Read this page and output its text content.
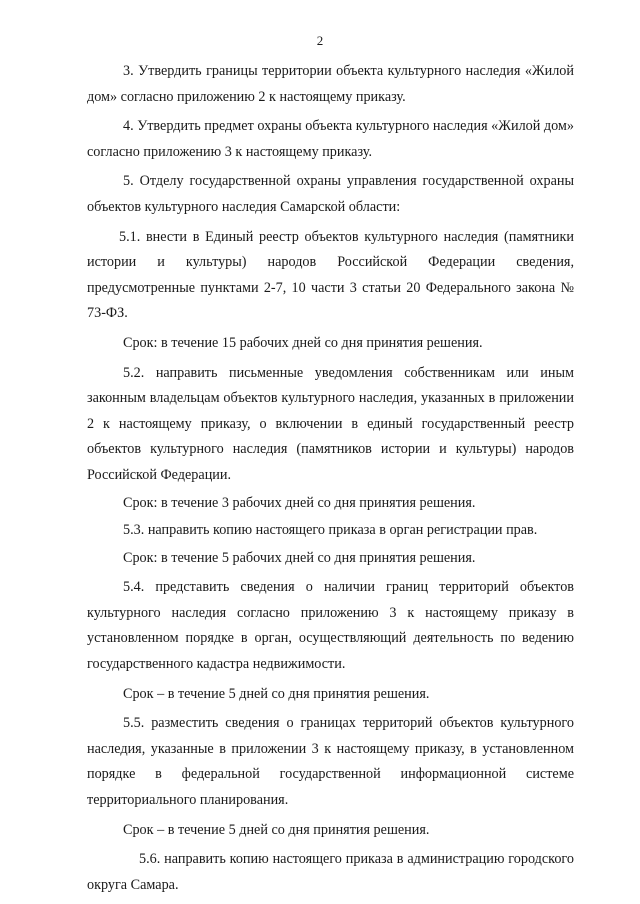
2

3. Утвердить границы территории объекта культурного наследия «Жилой дом» согласно приложению 2 к настоящему приказу.

4. Утвердить предмет охраны объекта культурного наследия «Жилой дом» согласно приложению 3 к настоящему приказу.

5. Отделу государственной охраны управления государственной охраны объектов культурного наследия Самарской области:

5.1. внести в Единый реестр объектов культурного наследия (памятники истории и культуры) народов Российской Федерации сведения, предусмотренные пунктами 2-7, 10 части 3 статьи 20 Федерального закона № 73-ФЗ.

Срок: в течение 15 рабочих дней со дня принятия решения.

5.2. направить письменные уведомления собственникам или иным законным владельцам объектов культурного наследия, указанных в приложении 2 к настоящему приказу, о включении в единый государственный реестр объектов культурного наследия (памятников истории и культуры) народов Российской Федерации.

Срок: в течение 3 рабочих дней со дня принятия решения.

5.3. направить копию настоящего приказа в орган регистрации прав.

Срок: в течение 5 рабочих дней со дня принятия решения.

5.4. представить сведения о наличии границ территорий объектов культурного наследия согласно приложению 3 к настоящему приказу в установленном порядке в орган, осуществляющий деятельность по ведению государственного кадастра недвижимости.

Срок – в течение 5 дней со дня принятия решения.

5.5. разместить сведения о границах территорий объектов культурного наследия, указанные в приложении 3 к настоящему приказу, в установленном порядке в федеральной государственной информационной системе территориального планирования.

Срок – в течение 5 дней со дня принятия решения.

5.6. направить копию настоящего приказа в администрацию городского округа Самара.
